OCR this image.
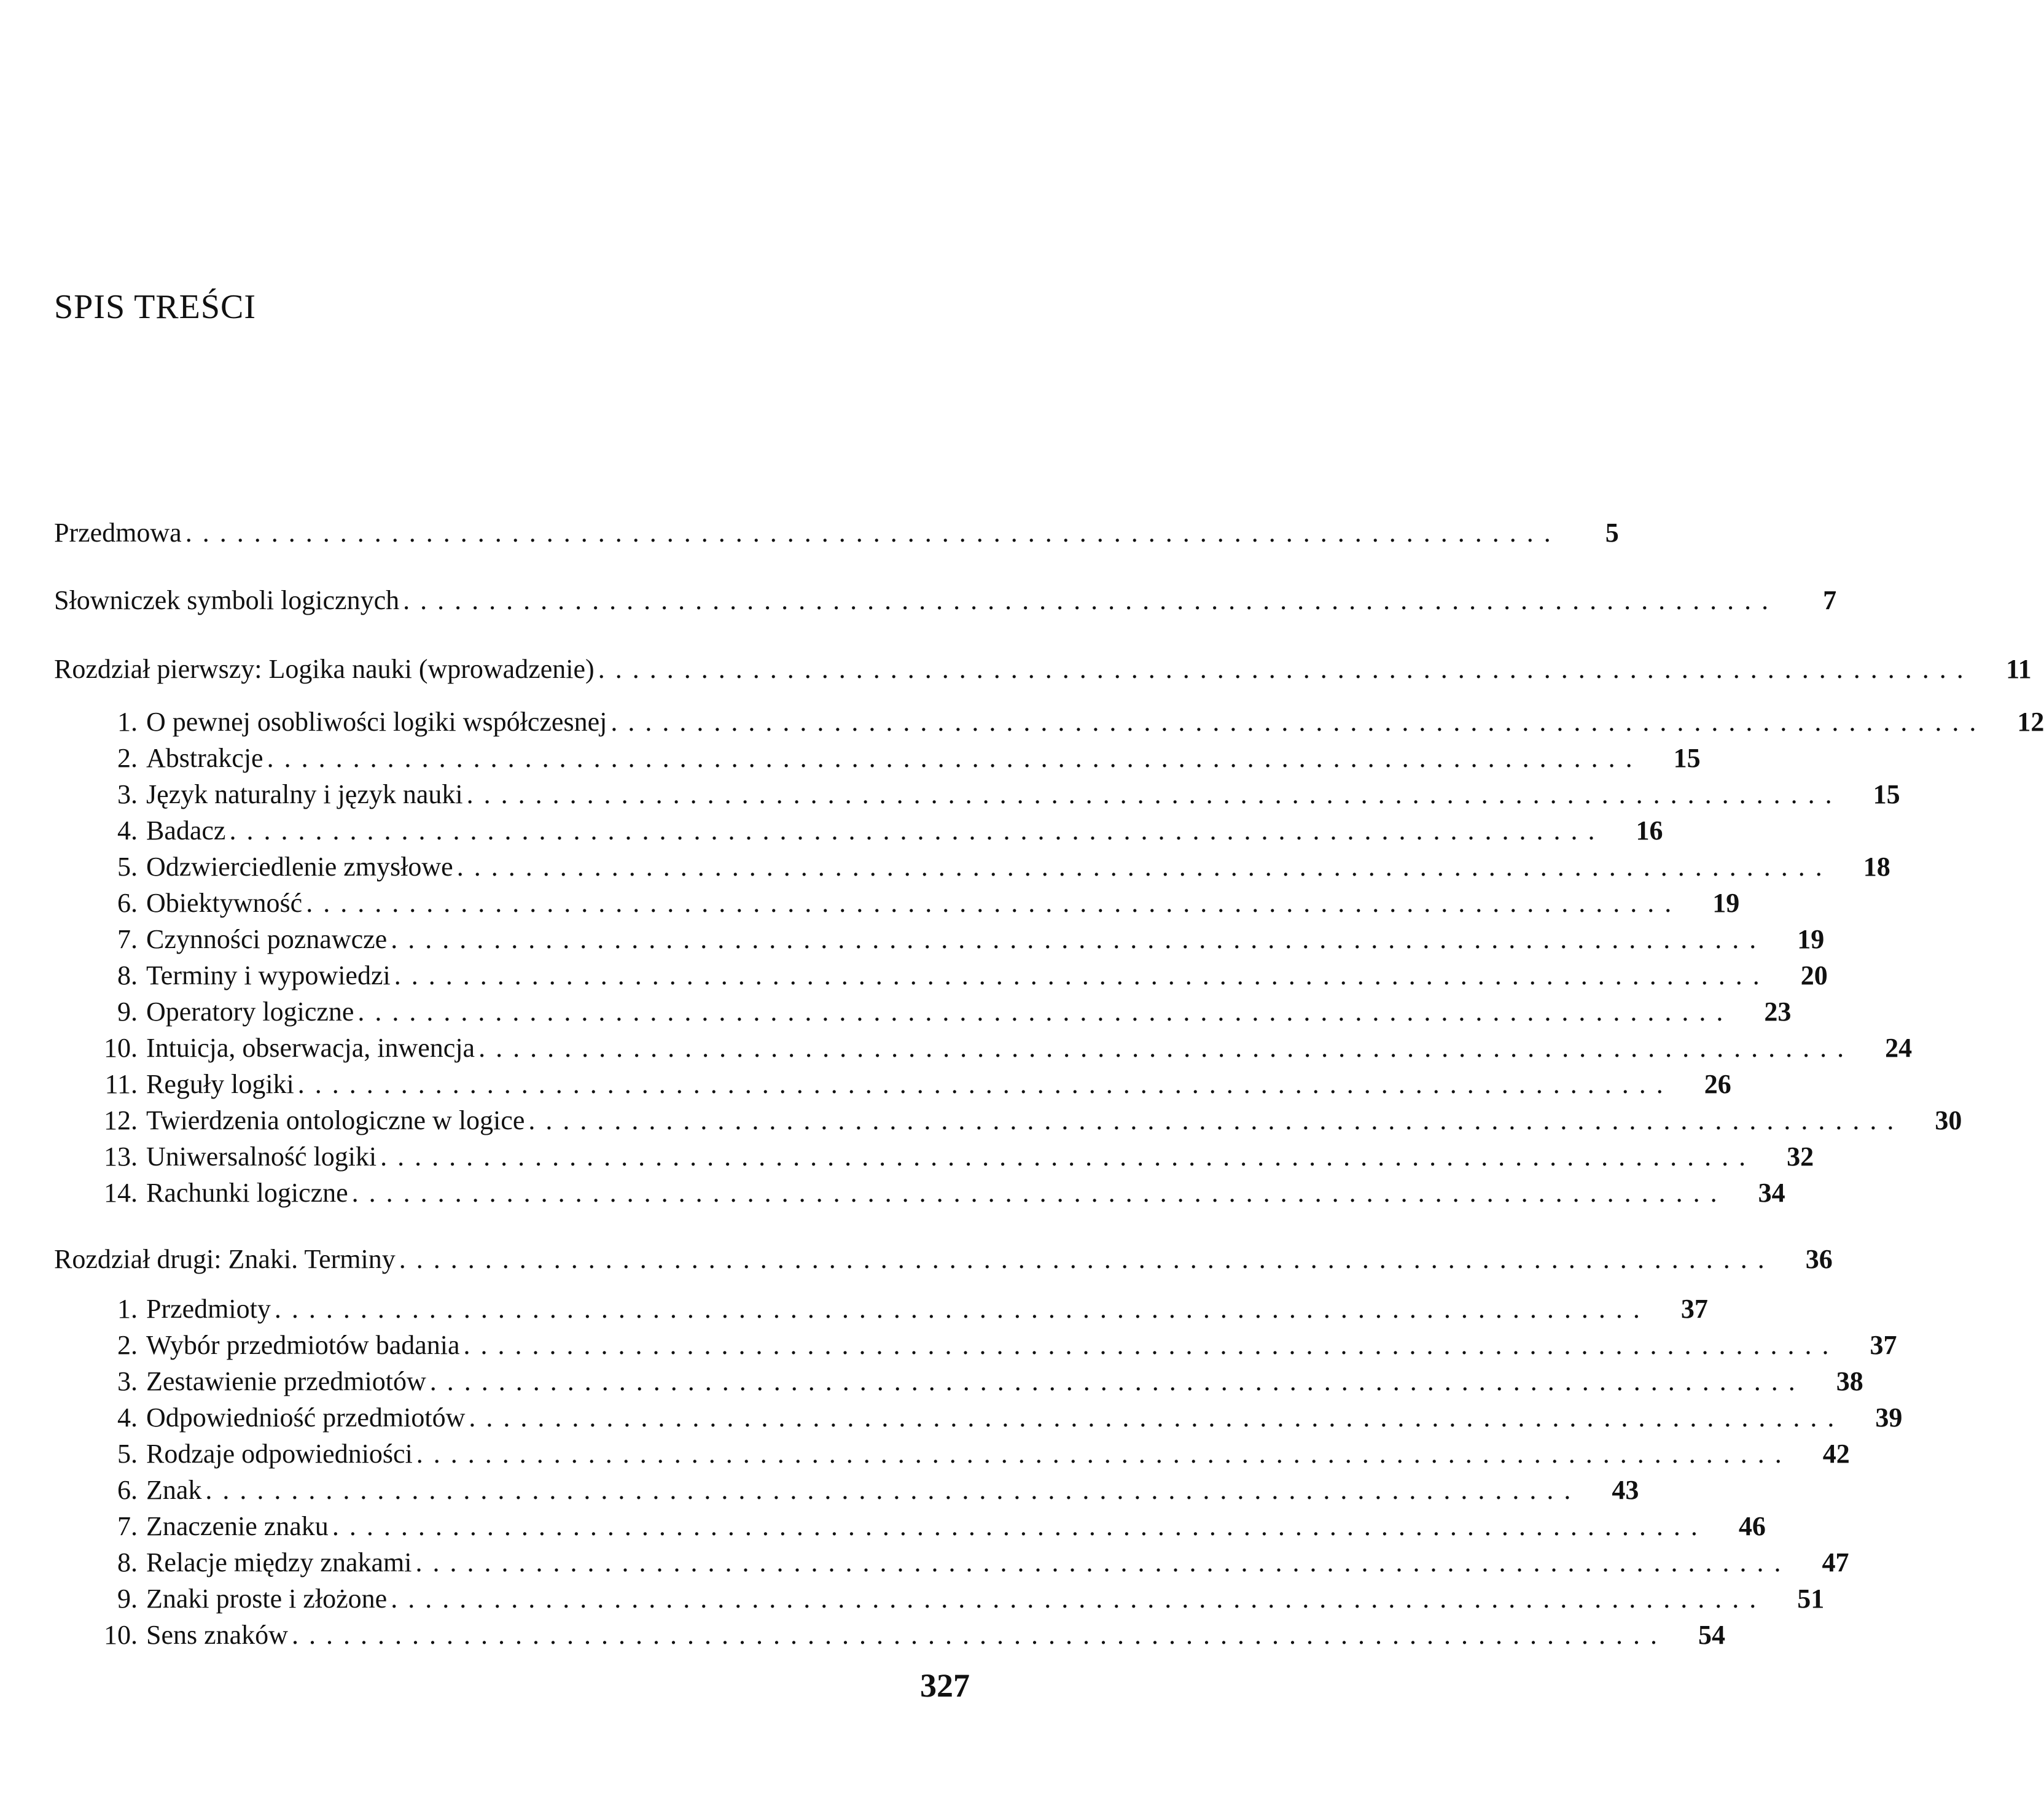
SPIS TREŚCI
Przedmowa ................................................................................	5
Słowniczek symboli logicznych ................................................................................	7
Rozdział pierwszy: Logika nauki (wprowadzenie) ................................................................................	11
1. O pewnej osobliwości logiki współczesnej ................................................................................	12
2. Abstrakcje ................................................................................	15
3. Język naturalny i język nauki ................................................................................	15
4. Badacz ................................................................................	16
5. Odzwierciedlenie zmysłowe ................................................................................	18
6. Obiektywność ................................................................................	19
7. Czynności poznawcze ................................................................................	19
8. Terminy i wypowiedzi ................................................................................	20
9. Operatory logiczne ................................................................................	23
10. Intuicja, obserwacja, inwencja ................................................................................	24
11. Reguły logiki ................................................................................	26
12. Twierdzenia ontologiczne w logice ................................................................................	30
13. Uniwersalność logiki ................................................................................	32
14. Rachunki logiczne ................................................................................	34
Rozdział drugi: Znaki. Terminy ................................................................................	36
1. Przedmioty ................................................................................	37
2. Wybór przedmiotów badania ................................................................................	37
3. Zestawienie przedmiotów ................................................................................	38
4. Odpowiedniość przedmiotów ................................................................................	39
5. Rodzaje odpowiedniości ................................................................................	42
6. Znak ................................................................................	43
7. Znaczenie znaku ................................................................................	46
8. Relacje między znakami ................................................................................	47
9. Znaki proste i złożone ................................................................................	51
10. Sens znaków ................................................................................	54
327
